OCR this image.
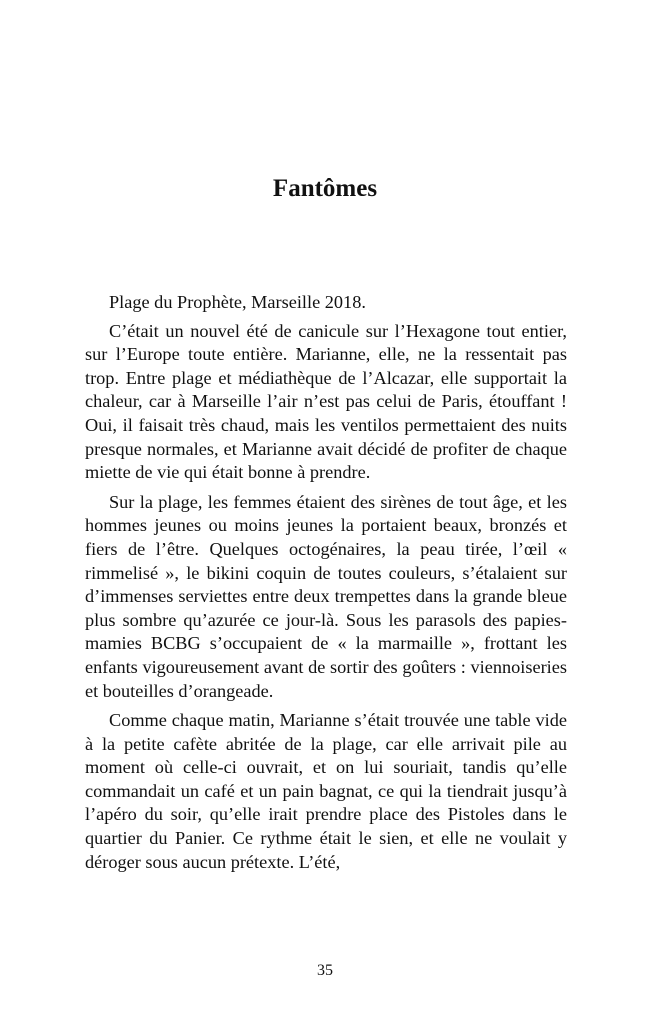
Fantômes

Plage du Prophète, Marseille 2018.

C’était un nouvel été de canicule sur l’Hexagone tout entier, sur l’Europe toute entière. Marianne, elle, ne la ressentait pas trop. Entre plage et médiathèque de l’Alcazar, elle supportait la chaleur, car à Marseille l’air n’est pas celui de Paris, étouffant ! Oui, il faisait très chaud, mais les ventilos permettaient des nuits presque normales, et Marianne avait décidé de profiter de chaque miette de vie qui était bonne à prendre.

Sur la plage, les femmes étaient des sirènes de tout âge, et les hommes jeunes ou moins jeunes la portaient beaux, bronzés et fiers de l’être. Quelques octogénaires, la peau tirée, l’œil « rimmelisé », le bikini coquin de toutes couleurs, s’étalaient sur d’immenses serviettes entre deux trempettes dans la grande bleue plus sombre qu’azurée ce jour-là. Sous les parasols des papies-mamies BCBG s’occupaient de « la marmaille », frottant les enfants vigoureusement avant de sortir des goûters : viennoiseries et bouteilles d’orangeade.

Comme chaque matin, Marianne s’était trouvée une table vide à la petite cafète abritée de la plage, car elle arrivait pile au moment où celle-ci ouvrait, et on lui souriait, tandis qu’elle commandait un café et un pain bagnat, ce qui la tiendrait jusqu’à l’apéro du soir, qu’elle irait prendre place des Pistoles dans le quartier du Panier. Ce rythme était le sien, et elle ne voulait y déroger sous aucun prétexte. L’été,

35
